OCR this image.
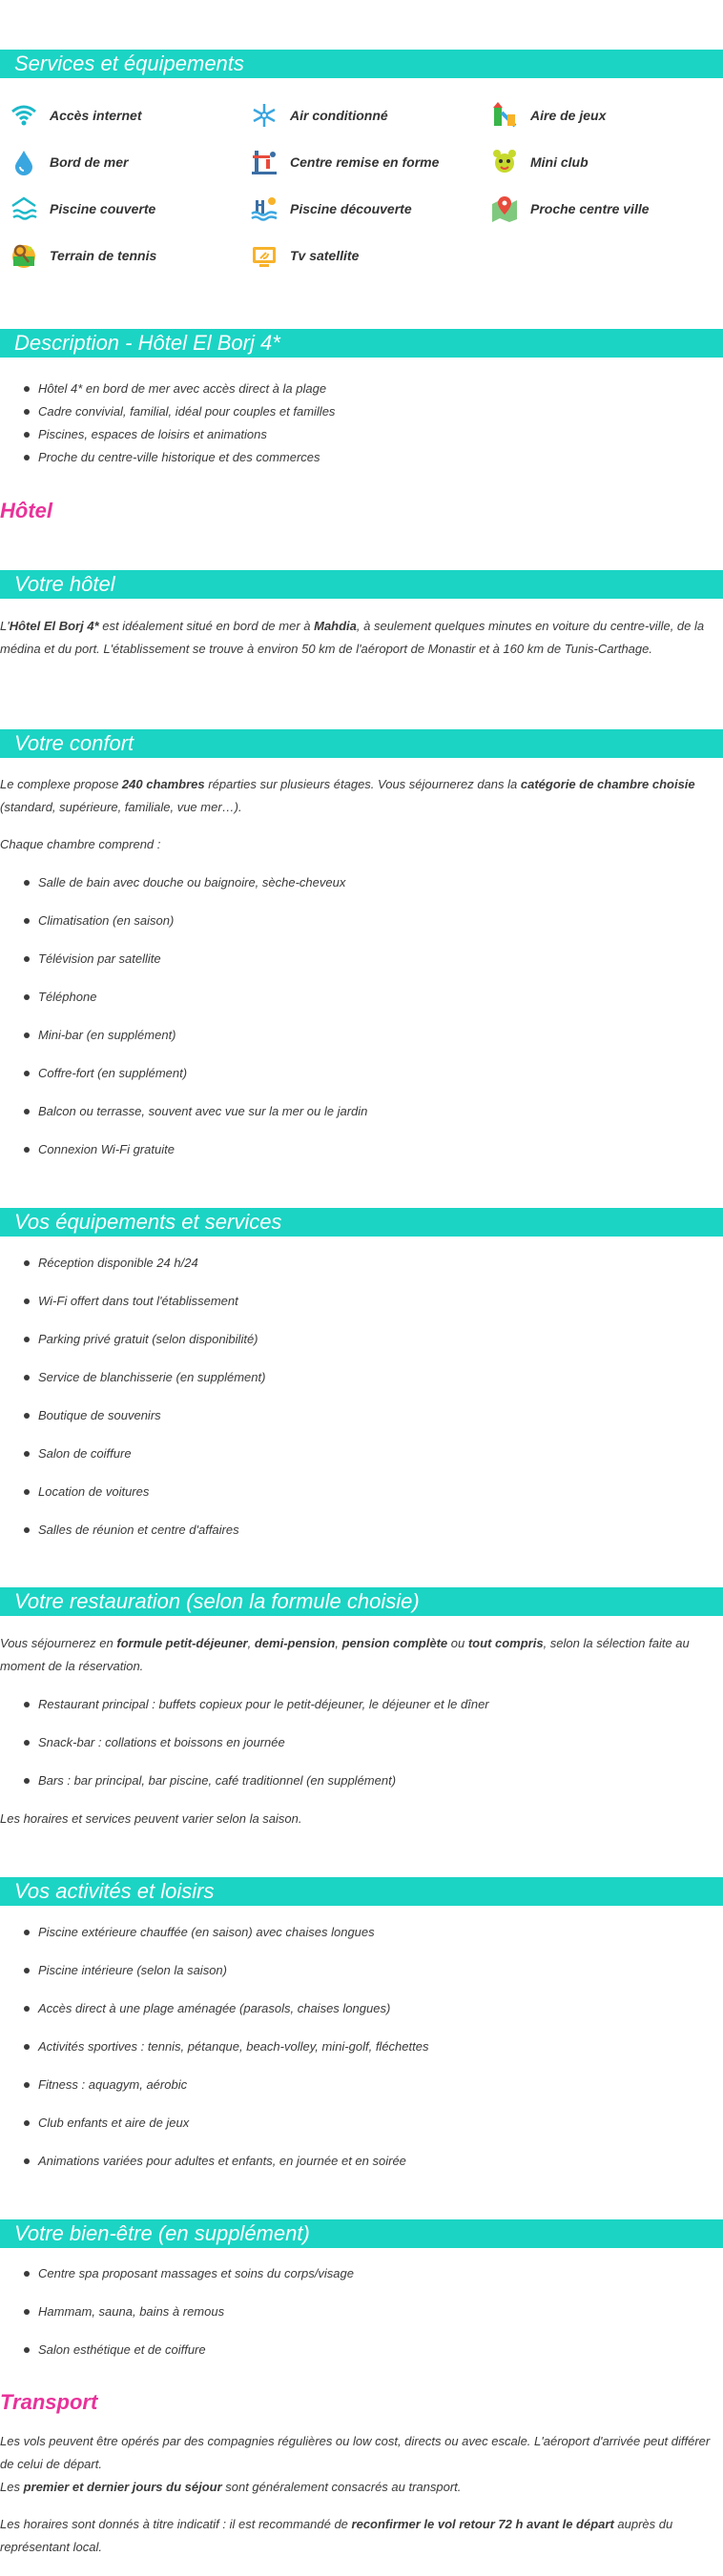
Services et équipements
Accès internet	Air conditionné	Aire de jeux
Bord de mer	Centre remise en forme	Mini club
Piscine couverte	Piscine découverte	Proche centre ville
Terrain de tennis	Tv satellite
Description - Hôtel El Borj 4*
Hôtel 4* en bord de mer avec accès direct à la plage
Cadre convivial, familial, idéal pour couples et familles
Piscines, espaces de loisirs et animations
Proche du centre-ville historique et des commerces
Hôtel
Votre hôtel

L'Hôtel El Borj 4* est idéalement situé en bord de mer à Mahdia, à seulement quelques minutes en voiture du centre-ville, de la médina et du port. L'établissement se trouve à environ 50 km de l'aéroport de Monastir et à 160 km de Tunis-Carthage.

Votre confort

Le complexe propose 240 chambres réparties sur plusieurs étages. Vous séjournerez dans la catégorie de chambre choisie (standard, supérieure, familiale, vue mer…).

Chaque chambre comprend :

Salle de bain avec douche ou baignoire, sèche-cheveux
Climatisation (en saison)
Télévision par satellite
Téléphone
Mini-bar (en supplément)
Coffre-fort (en supplément)
Balcon ou terrasse, souvent avec vue sur la mer ou le jardin
Connexion Wi-Fi gratuite
Vos équipements et services
Réception disponible 24 h/24
Wi-Fi offert dans tout l'établissement
Parking privé gratuit (selon disponibilité)
Service de blanchisserie (en supplément)
Boutique de souvenirs
Salon de coiffure
Location de voitures
Salles de réunion et centre d'affaires
Votre restauration (selon la formule choisie)

Vous séjournerez en formule petit-déjeuner, demi-pension, pension complète ou tout compris, selon la sélection faite au moment de la réservation.

Restaurant principal : buffets copieux pour le petit-déjeuner, le déjeuner et le dîner
Snack-bar : collations et boissons en journée
Bars : bar principal, bar piscine, café traditionnel (en supplément)

Les horaires et services peuvent varier selon la saison.

Vos activités et loisirs
Piscine extérieure chauffée (en saison) avec chaises longues
Piscine intérieure (selon la saison)
Accès direct à une plage aménagée (parasols, chaises longues)
Activités sportives : tennis, pétanque, beach-volley, mini-golf, fléchettes
Fitness : aquagym, aérobic
Club enfants et aire de jeux
Animations variées pour adultes et enfants, en journée et en soirée
Votre bien-être (en supplément)
Centre spa proposant massages et soins du corps/visage
Hammam, sauna, bains à remous
Salon esthétique et de coiffure
Transport

Les vols peuvent être opérés par des compagnies régulières ou low cost, directs ou avec escale. L'aéroport d'arrivée peut différer de celui de départ.
Les premier et dernier jours du séjour sont généralement consacrés au transport.

Les horaires sont donnés à titre indicatif : il est recommandé de reconfirmer le vol retour 72 h avant le départ auprès du représentant local.
